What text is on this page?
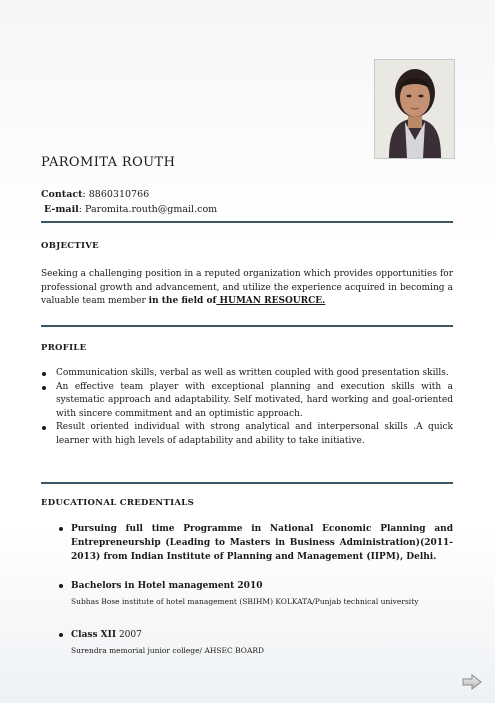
PAROMITA ROUTH
Contact: 8860310766
E-mail: Paromita.routh@gmail.com
OBJECTIVE
Seeking a challenging position in a reputed organization which provides opportunities for professional growth and advancement, and utilize the experience acquired in becoming a valuable team member in the field of HUMAN RESOURCE.
PROFILE
Communication skills, verbal as well as written coupled with good presentation skills.
An effective team player with exceptional planning and execution skills with a systematic approach and adaptability. Self motivated, hard working and goal-oriented with sincere commitment and an optimistic approach.
Result oriented individual with strong analytical and interpersonal skills .A quick learner with high levels of adaptability and ability to take initiative.
EDUCATIONAL CREDENTIALS
Pursuing full time Programme in National Economic Planning and Entrepreneurship (Leading to Masters in Business Administration)(2011-2013) from Indian Institute of Planning and Management (IIPM), Delhi.
Bachelors in Hotel management 2010
Subhas Bose institute of hotel management (SBIHM) KOLKATA/Punjab technical university
Class XII 2007
Surendra memorial junior college/ AHSEC BOARD
